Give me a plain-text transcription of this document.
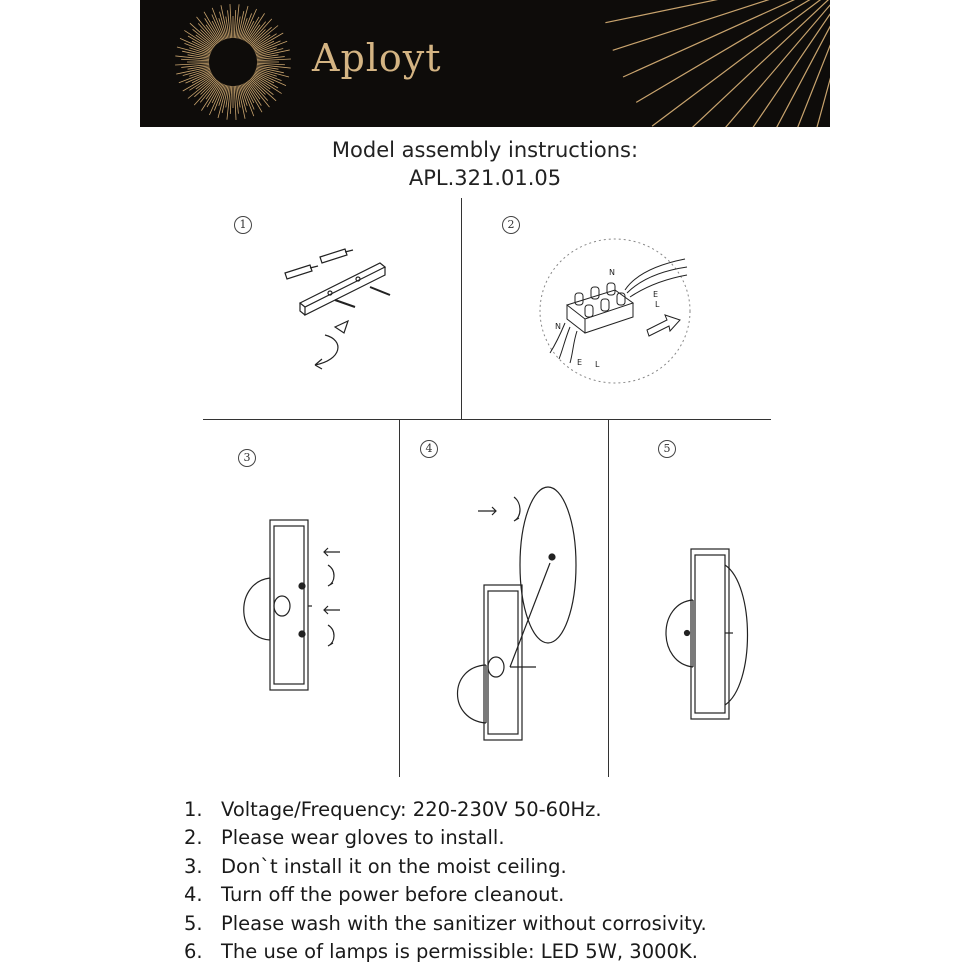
Aployt
Model assembly instructions:
APL.321.01.05
1	2
3
4	5
N
E
L
N
E L
1. Voltage/Frequency: 220-230V 50-60Hz.
2. Please wear gloves to install.
3. Don`t install it on the moist ceiling.
4. Turn off the power before cleanout.
5. Please wash with the sanitizer without corrosivity.
6. The use of lamps is permissible: LED 5W, 3000K.
